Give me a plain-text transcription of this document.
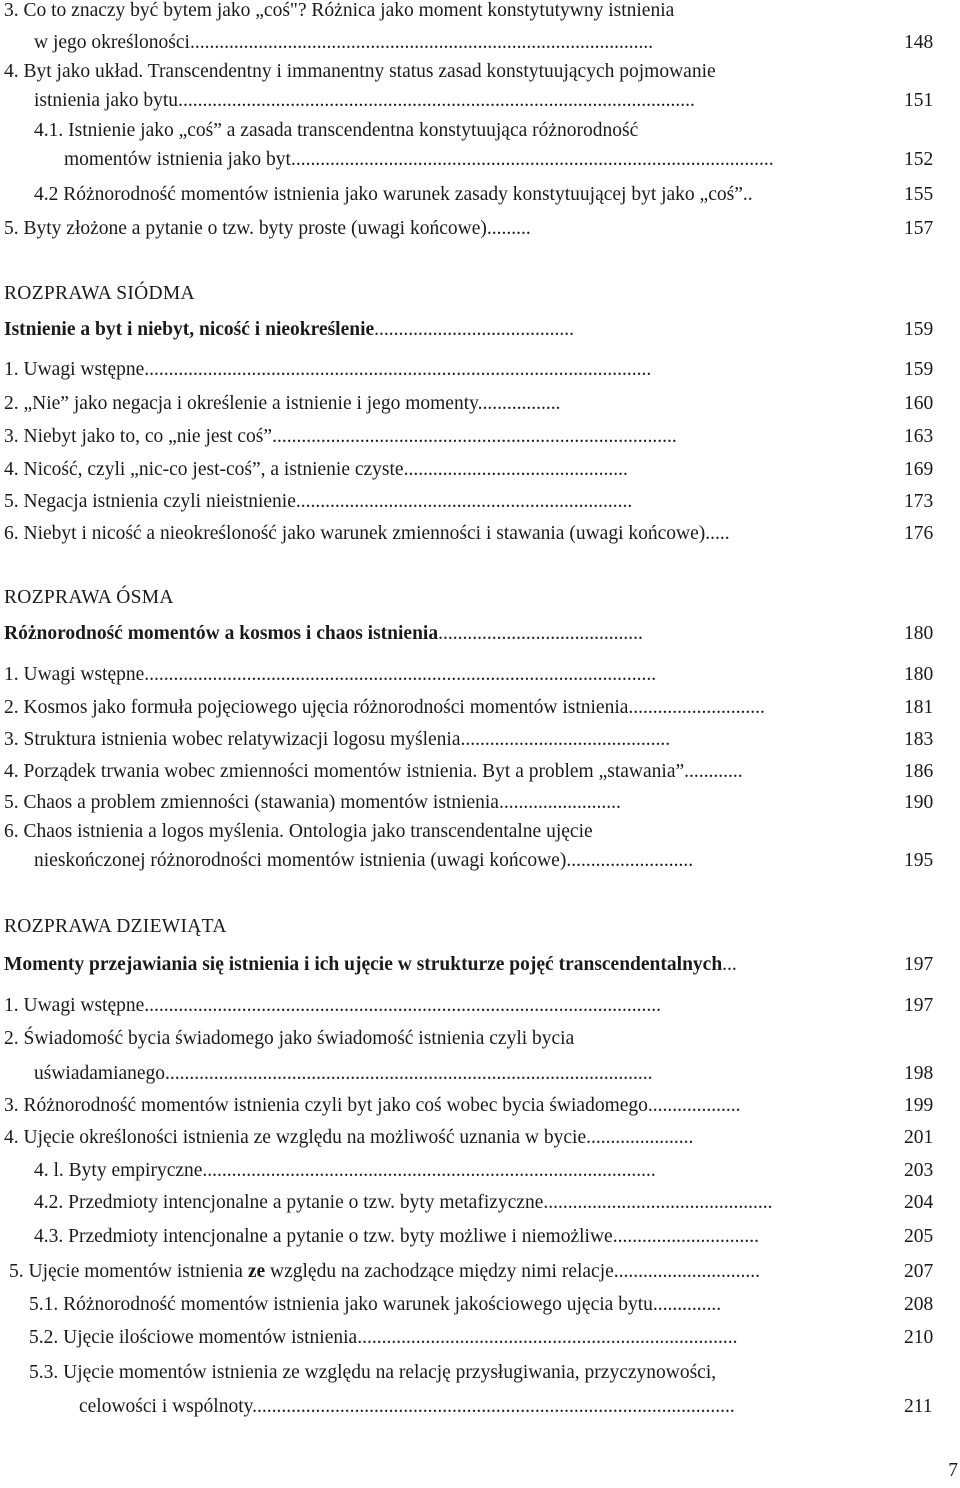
3. Co to znaczy być bytem jako „coś"? Różnica jako moment konstytutywny istnienia
w jego określoności...............................................................................................	148
4. Byt jako układ. Transcendentny i immanentny status zasad konstytuujących pojmowanie
istnienia jako bytu..........................................................................................................	151
4.1. Istnienie jako „coś” a zasada transcendentna konstytuująca różnorodność
momentów istnienia jako byt...................................................................................................	152
4.2 Różnorodność momentów istnienia jako warunek zasady konstytuującej byt jako „coś”..	155
5. Byty złożone a pytanie o tzw. byty proste (uwagi końcowe).........	157
ROZPRAWA SIÓDMA
Istnienie a byt i niebyt, nicość i nieokreślenie.........................................	159
1. Uwagi wstępne........................................................................................................	159
2. „Nie” jako negacja i określenie a istnienie i jego momenty.................	160
3. Niebyt jako to, co „nie jest coś”...................................................................................	163
4. Nicość, czyli „nic-co jest-coś”, a istnienie czyste..............................................	169
5. Negacja istnienia czyli nieistnienie.....................................................................	173
6. Niebyt i nicość a nieokreśloność jako warunek zmienności i stawania (uwagi końcowe).....	176
ROZPRAWA ÓSMA
Różnorodność momentów a kosmos i chaos istnienia..........................................	180
1. Uwagi wstępne.........................................................................................................	180
2. Kosmos jako formuła pojęciowego ujęcia różnorodności momentów istnienia............................	181
3. Struktura istnienia wobec relatywizacji logosu myślenia...........................................	183
4. Porządek trwania wobec zmienności momentów istnienia. Byt a problem „stawania”............	186
5. Chaos a problem zmienności (stawania) momentów istnienia.........................	190
6. Chaos istnienia a logos myślenia. Ontologia jako transcendentalne ujęcie
nieskończonej różnorodności momentów istnienia (uwagi końcowe)..........................	195
ROZPRAWA DZIEWIĄTA
Momenty przejawiania się istnienia i ich ujęcie w strukturze pojęć transcendentalnych...	197
1. Uwagi wstępne..........................................................................................................	197
2. Świadomość bycia świadomego jako świadomość istnienia czyli bycia
uświadamianego....................................................................................................	198
3. Różnorodność momentów istnienia czyli byt jako coś wobec bycia świadomego...................	199
4. Ujęcie określoności istnienia ze względu na możliwość uznania w bycie......................	201
4. l. Byty empiryczne.............................................................................................	203
4.2. Przedmioty intencjonalne a pytanie o tzw. byty metafizyczne...............................................	204
4.3. Przedmioty intencjonalne a pytanie o tzw. byty możliwe i niemożliwe..............................	205
5. Ujęcie momentów istnienia ze względu na zachodzące między nimi relacje..............................	207
5.1. Różnorodność momentów istnienia jako warunek jakościowego ujęcia bytu..............	208
5.2. Ujęcie ilościowe momentów istnienia..............................................................................	210
5.3. Ujęcie momentów istnienia ze względu na relację przysługiwania, przyczynowości,
celowości i wspólnoty...................................................................................................	211
7
